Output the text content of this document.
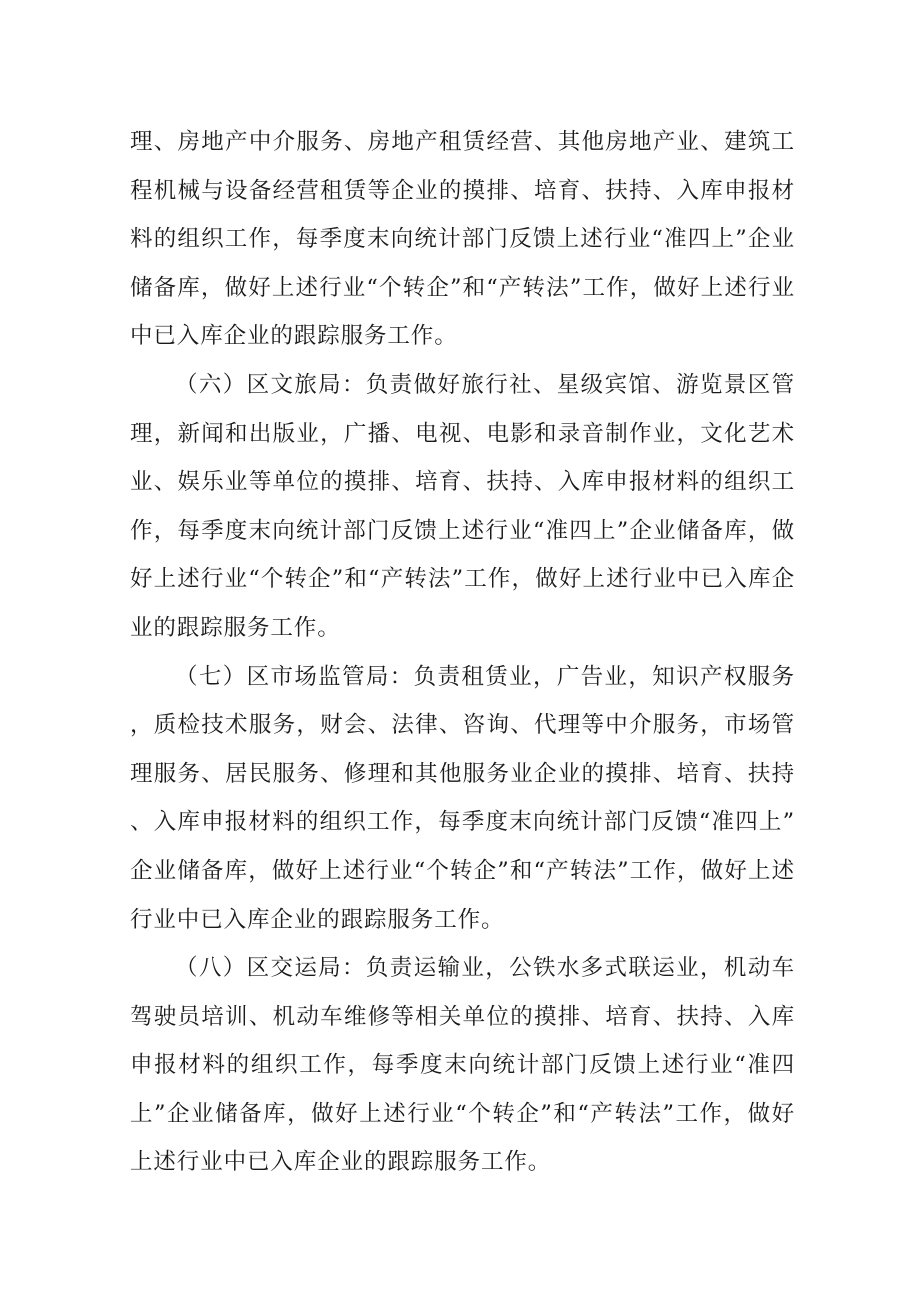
理、房地产中介服务、房地产租赁经营、其他房地产业、建筑工程机械与设备经营租赁等企业的摸排、培育、扶持、入库申报材料的组织工作，每季度末向统计部门反馈上述行业“准四上”企业储备库，做好上述行业“个转企”和“产转法”工作，做好上述行业中已入库企业的跟踪服务工作。

（六）区文旅局：负责做好旅行社、星级宾馆、游览景区管理，新闻和出版业，广播、电视、电影和录音制作业，文化艺术业、娱乐业等单位的摸排、培育、扶持、入库申报材料的组织工作，每季度末向统计部门反馈上述行业“准四上”企业储备库，做好上述行业“个转企”和“产转法”工作，做好上述行业中已入库企业的跟踪服务工作。

（七）区市场监管局：负责租赁业，广告业，知识产权服务，质检技术服务，财会、法律、咨询、代理等中介服务，市场管理服务、居民服务、修理和其他服务业企业的摸排、培育、扶持、入库申报材料的组织工作，每季度末向统计部门反馈“准四上”企业储备库，做好上述行业“个转企”和“产转法”工作，做好上述行业中已入库企业的跟踪服务工作。

（八）区交运局：负责运输业，公铁水多式联运业，机动车驾驶员培训、机动车维修等相关单位的摸排、培育、扶持、入库申报材料的组织工作，每季度末向统计部门反馈上述行业“准四上”企业储备库，做好上述行业“个转企”和“产转法”工作，做好上述行业中已入库企业的跟踪服务工作。
